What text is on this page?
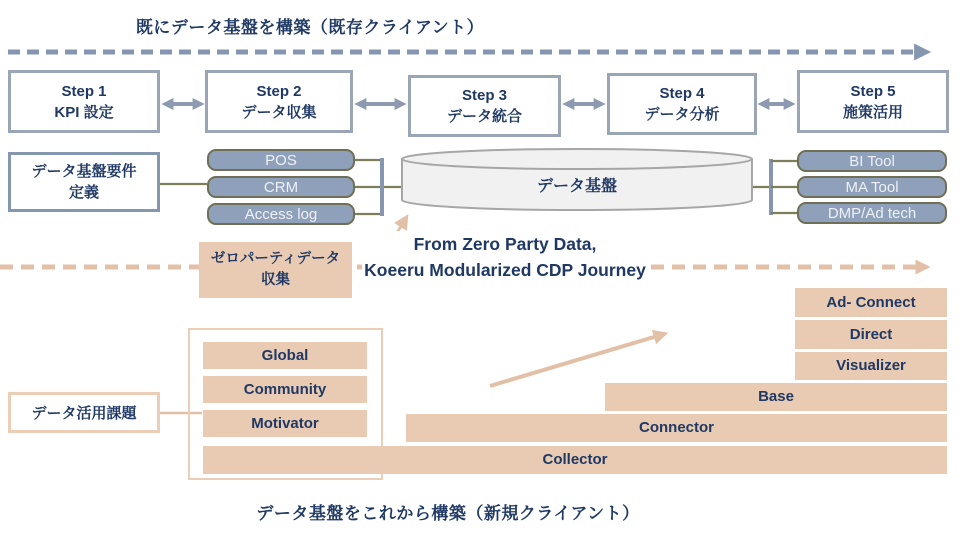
既にデータ基盤を構築（既存クライアント）
データ基盤をこれから構築（新規クライアント）
Step 1
KPI 設定
Step 2
データ収集
Step 3
データ統合
Step 4
データ分析
Step 5
施策活用
データ基盤要件
定義
POS
CRM
Access log
データ基盤
BI Tool
MA Tool
DMP/Ad tech
ゼロパーティデータ
収集
From Zero Party Data,
Koeeru Modularized CDP Journey
Ad- Connect
Direct
Visualizer
Global
Community
Motivator
Base
Connector
Collector
データ活用課題
